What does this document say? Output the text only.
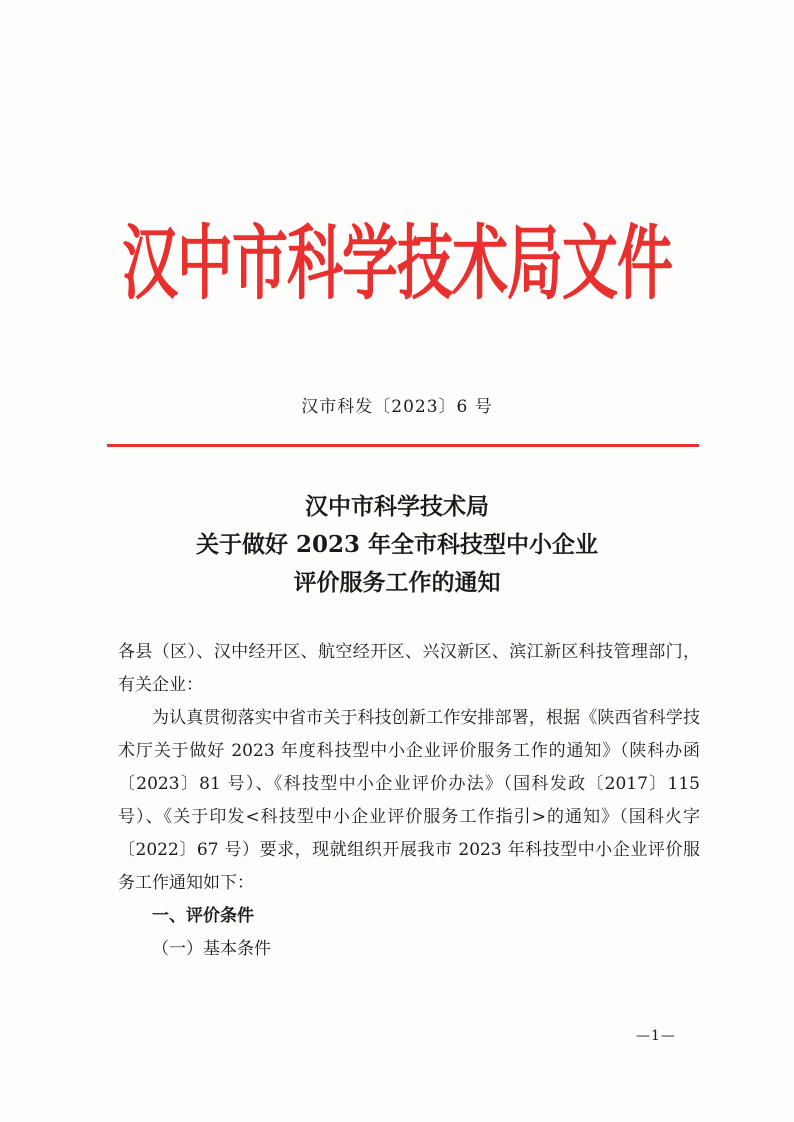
汉中市科学技术局文件
汉市科发〔2023〕6 号
汉中市科学技术局
关于做好 2023 年全市科技型中小企业
评价服务工作的通知

各县（区）、汉中经开区、航空经开区、兴汉新区、滨江新区科技管理部门，有关企业：

为认真贯彻落实中省市关于科技创新工作安排部署，根据《陕西省科学技术厅关于做好 2023 年度科技型中小企业评价服务工作的通知》（陕科办函〔2023〕81 号）、《科技型中小企业评价办法》（国科发政〔2017〕115 号）、《关于印发<科技型中小企业评价服务工作指引>的通知》（国科火字〔2022〕67 号）要求，现就组织开展我市 2023 年科技型中小企业评价服务工作通知如下：

一、评价条件

（一）基本条件

—1—
